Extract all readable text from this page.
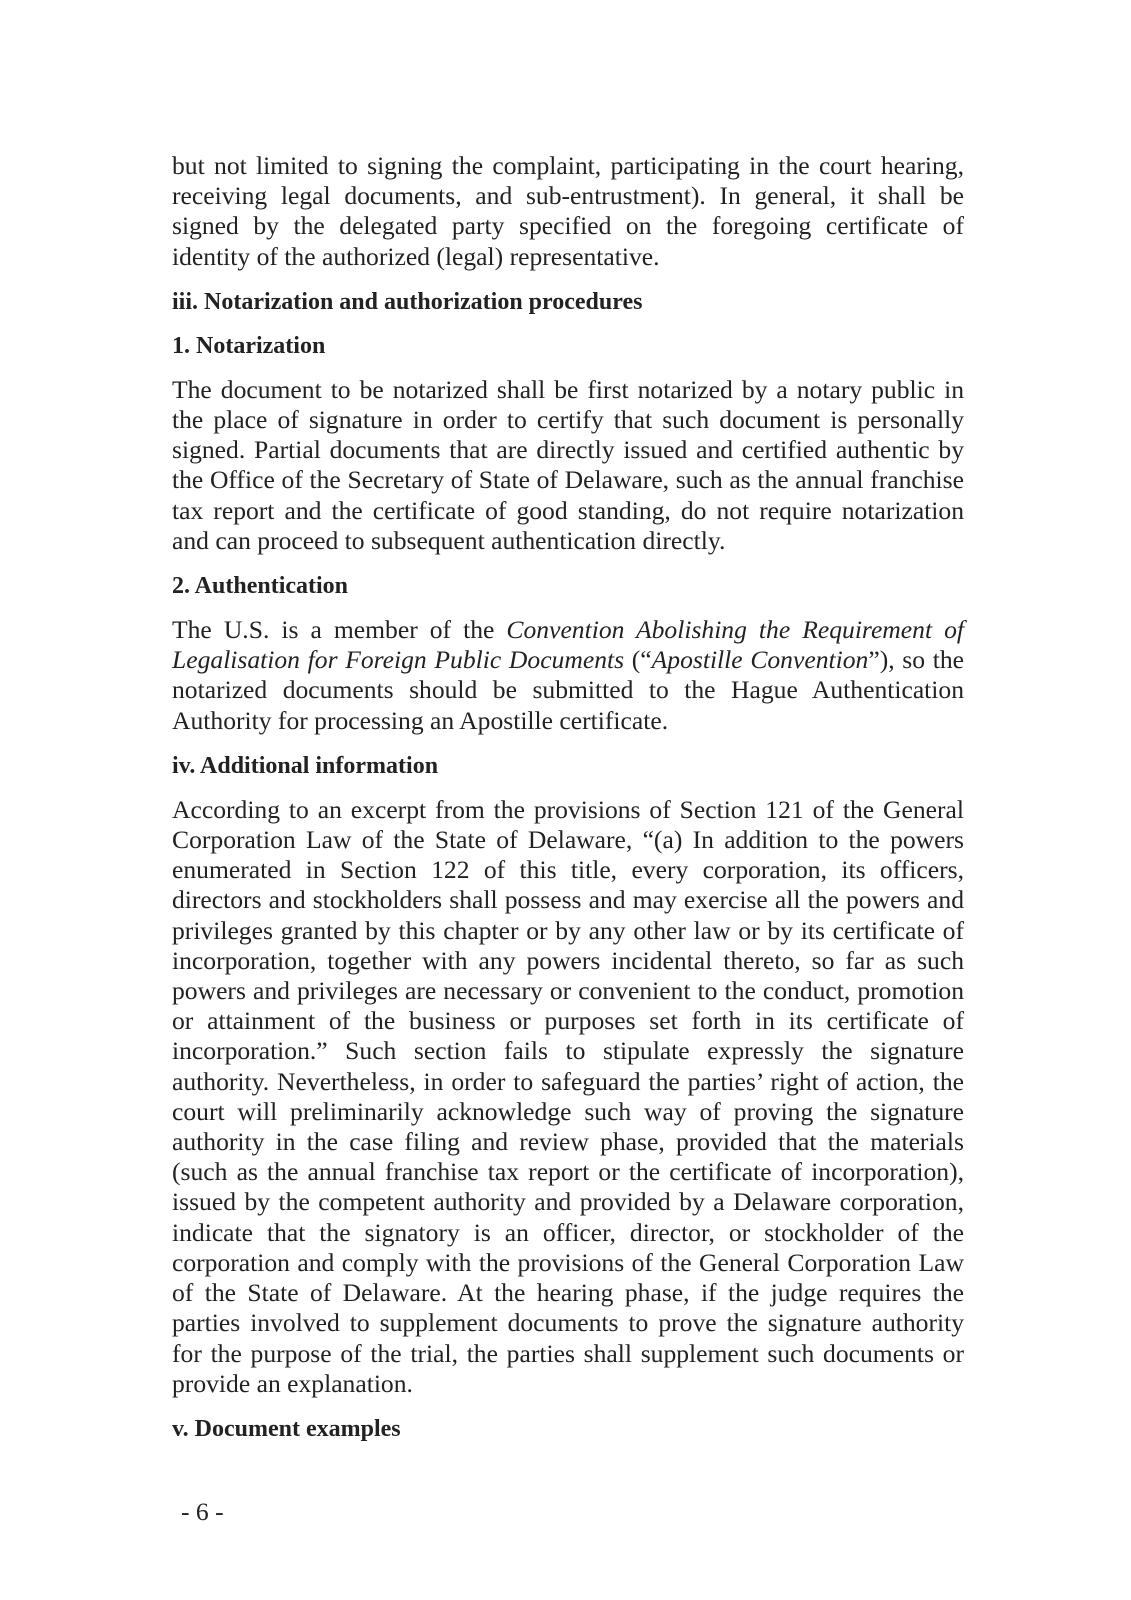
but not limited to signing the complaint, participating in the court hearing, receiving legal documents, and sub-entrustment). In general, it shall be signed by the delegated party specified on the foregoing certificate of identity of the authorized (legal) representative.

iii. Notarization and authorization procedures
1. Notarization

The document to be notarized shall be first notarized by a notary public in the place of signature in order to certify that such document is personally signed. Partial documents that are directly issued and certified authentic by the Office of the Secretary of State of Delaware, such as the annual franchise tax report and the certificate of good standing, do not require notarization and can proceed to subsequent authentication directly.

2. Authentication

The U.S. is a member of the Convention Abolishing the Requirement of Legalisation for Foreign Public Documents (“Apostille Convention”), so the notarized documents should be submitted to the Hague Authentication Authority for processing an Apostille certificate.

iv. Additional information

According to an excerpt from the provisions of Section 121 of the General Corporation Law of the State of Delaware, “(a) In addition to the powers enumerated in Section 122 of this title, every corporation, its officers, directors and stockholders shall possess and may exercise all the powers and privileges granted by this chapter or by any other law or by its certificate of incorporation, together with any powers incidental thereto, so far as such powers and privileges are necessary or convenient to the conduct, promotion or attainment of the business or purposes set forth in its certificate of incorporation.” Such section fails to stipulate expressly the signature authority. Nevertheless, in order to safeguard the parties’ right of action, the court will preliminarily acknowledge such way of proving the signature authority in the case filing and review phase, provided that the materials (such as the annual franchise tax report or the certificate of incorporation), issued by the competent authority and provided by a Delaware corporation, indicate that the signatory is an officer, director, or stockholder of the corporation and comply with the provisions of the General Corporation Law of the State of Delaware. At the hearing phase, if the judge requires the parties involved to supplement documents to prove the signature authority for the purpose of the trial, the parties shall supplement such documents or provide an explanation.

v. Document examples
- 6 -
